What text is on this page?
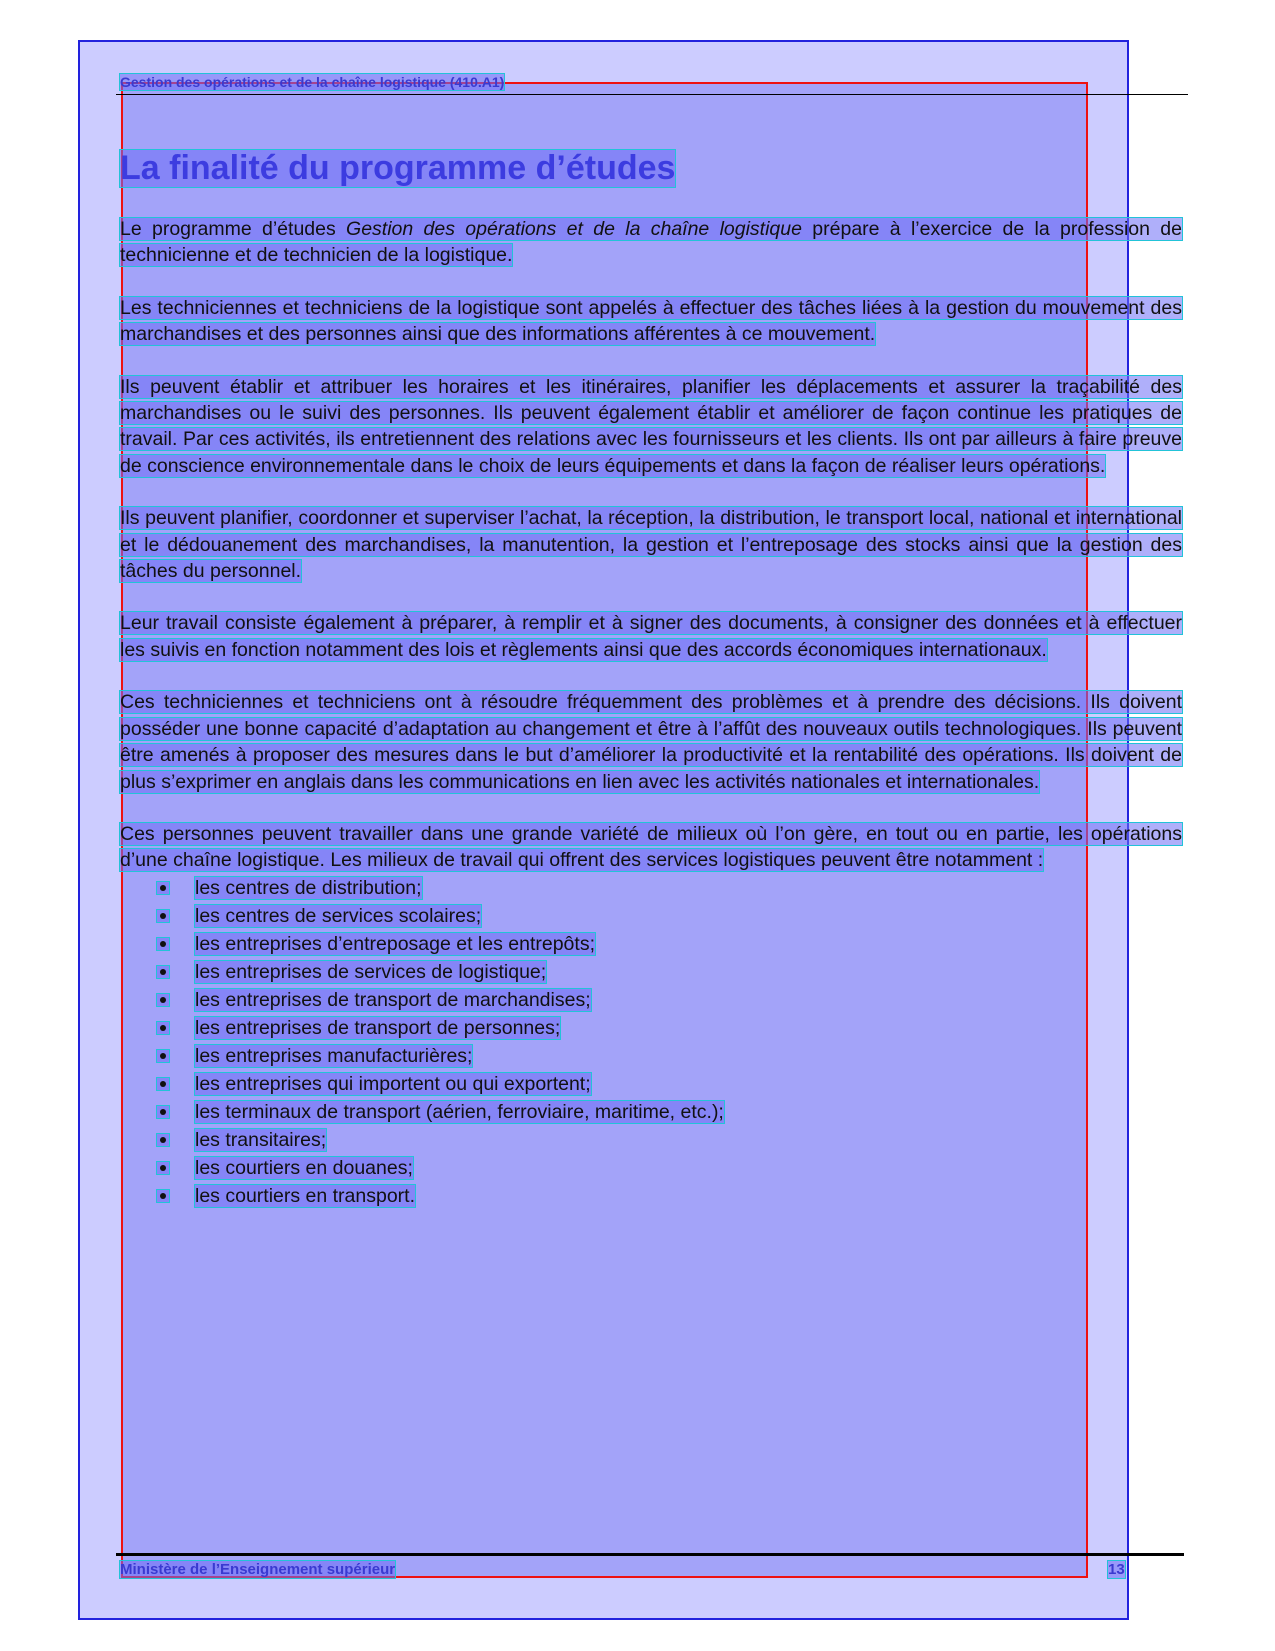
Gestion des opérations et de la chaîne logistique (410.A1)
La finalité du programme d’études

Le programme d’études Gestion des opérations et de la chaîne logistique prépare à l’exercice de la profession de technicienne et de technicien de la logistique.

Les techniciennes et techniciens de la logistique sont appelés à effectuer des tâches liées à la gestion du mouvement des marchandises et des personnes ainsi que des informations afférentes à ce mouvement.

Ils peuvent établir et attribuer les horaires et les itinéraires, planifier les déplacements et assurer la traçabilité des marchandises ou le suivi des personnes. Ils peuvent également établir et améliorer de façon continue les pratiques de travail. Par ces activités, ils entretiennent des relations avec les fournisseurs et les clients. Ils ont par ailleurs à faire preuve de conscience environnementale dans le choix de leurs équipements et dans la façon de réaliser leurs opérations.

Ils peuvent planifier, coordonner et superviser l’achat, la réception, la distribution, le transport local, national et international et le dédouanement des marchandises, la manutention, la gestion et l’entreposage des stocks ainsi que la gestion des tâches du personnel.

Leur travail consiste également à préparer, à remplir et à signer des documents, à consigner des données et à effectuer les suivis en fonction notamment des lois et règlements ainsi que des accords économiques internationaux.

Ces techniciennes et techniciens ont à résoudre fréquemment des problèmes et à prendre des décisions. Ils doivent posséder une bonne capacité d’adaptation au changement et être à l’affût des nouveaux outils technologiques. Ils peuvent être amenés à proposer des mesures dans le but d’améliorer la productivité et la rentabilité des opérations. Ils doivent de plus s’exprimer en anglais dans les communications en lien avec les activités nationales et internationales.

Ces personnes peuvent travailler dans une grande variété de milieux où l’on gère, en tout ou en partie, les opérations d’une chaîne logistique. Les milieux de travail qui offrent des services logistiques peuvent être notamment :

les centres de distribution;
les centres de services scolaires;
les entreprises d’entreposage et les entrepôts;
les entreprises de services de logistique;
les entreprises de transport de marchandises;
les entreprises de transport de personnes;
les entreprises manufacturières;
les entreprises qui importent ou qui exportent;
les terminaux de transport (aérien, ferroviaire, maritime, etc.);
les transitaires;
les courtiers en douanes;
les courtiers en transport.
Ministère de l’Enseignement supérieur	13
